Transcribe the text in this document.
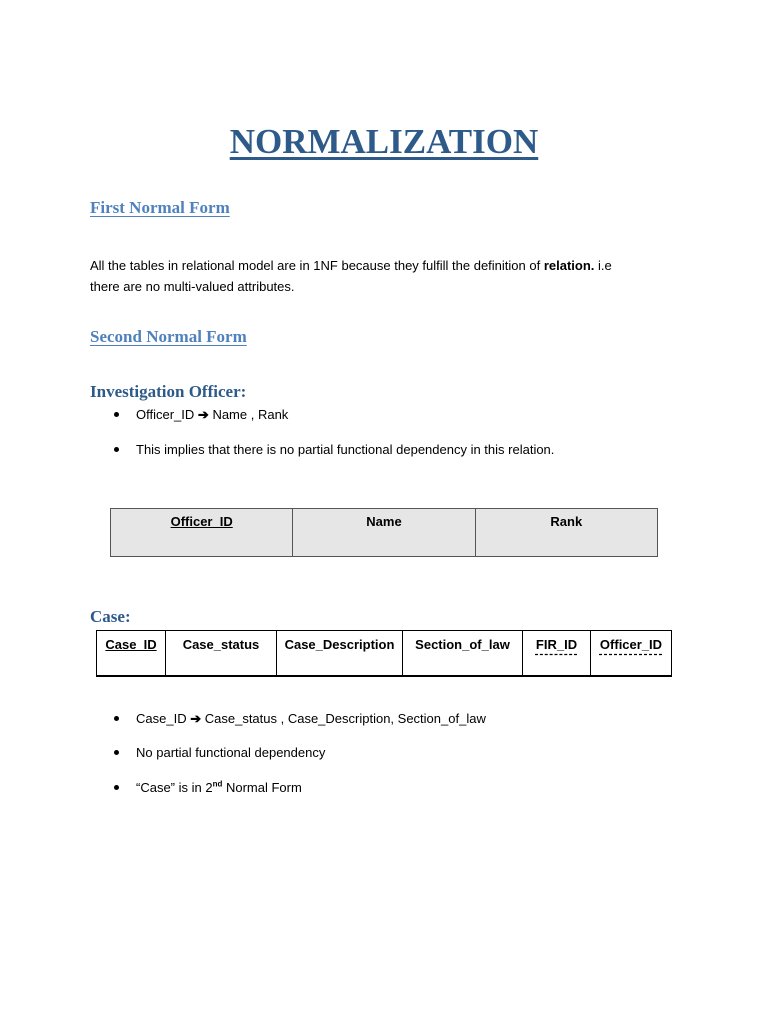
NORMALIZATION
First Normal Form

All the tables in relational model are in 1NF because they fulfill the definition of relation. i.e
there are no multi-valued attributes.

Second Normal Form
Investigation Officer:
Officer_ID ➔ Name , Rank
This implies that there is no partial functional dependency in this relation.
Officer_ID	Name	Rank
Case:
Case_ID	Case_status	Case_Description	Section_of_law	FIR_ID	Officer_ID
Case_ID ➔ Case_status , Case_Description, Section_of_law
No partial functional dependency
“Case” is in 2nd Normal Form
